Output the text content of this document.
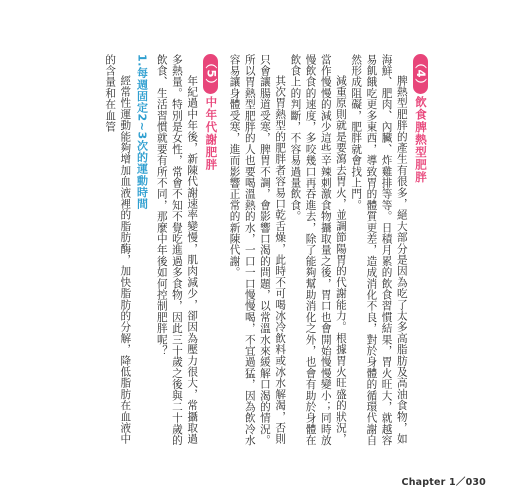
（4）飲食脾熱型肥胖

脾熱型肥胖的產生有很多，絕大部分是因為吃了太多高脂肪及高油食物，如海鮮、肥肉、內臟、炸雞排等等。日積月累的飲食習慣結果，胃火旺大，就越容易飢餓吃更多東西，導致胃的體質更差，造成消化不良，對於身體的循環代謝自然形成阻礙，肥胖就會找上門。

減重原則就是要瀉去胃火，並調節陽胃的代謝能力。根據胃火旺盛的狀況，當作慢慢的減少這些辛辣刺激食物攝取量之後，胃口也會開始慢慢變小；同時放慢飲食的速度，多咬幾口再吞進去，除了能夠幫助消化之外，也會有助於身體在飲食上的判斷，不容易過量飲食。

其次胃熱型的肥胖者容易口乾舌燥，此時不可喝冰冷飲料或冰水解渴，否則只會讓腸道受寒，脾胃不調，會影響口渴的問題，以常溫水來緩解口渴的情況。所以胃熱型肥胖的人也要喝溫熱的水，一口一口慢慢喝，不宜過猛，因為飲冷水容易讓身體受寒，進而影響正常的新陳代謝。

（5）中年代謝肥胖

年紀過中年後，新陳代謝速率變慢，肌肉減少，卻因為壓力很大，常攝取過多熱量。特別是女性，常會不知不覺吃進過多食物，因此三十歲之後與二十歲的飲食、生活習慣就要有所不同，那麼中年後如何控制肥胖呢？

1.每週固定2~3次的運動時間

經常性運動能夠增加血液裡的脂肪酶，加快脂肪的分解，降低脂肪在血液中的含量和在血管

Chapter 1／030
